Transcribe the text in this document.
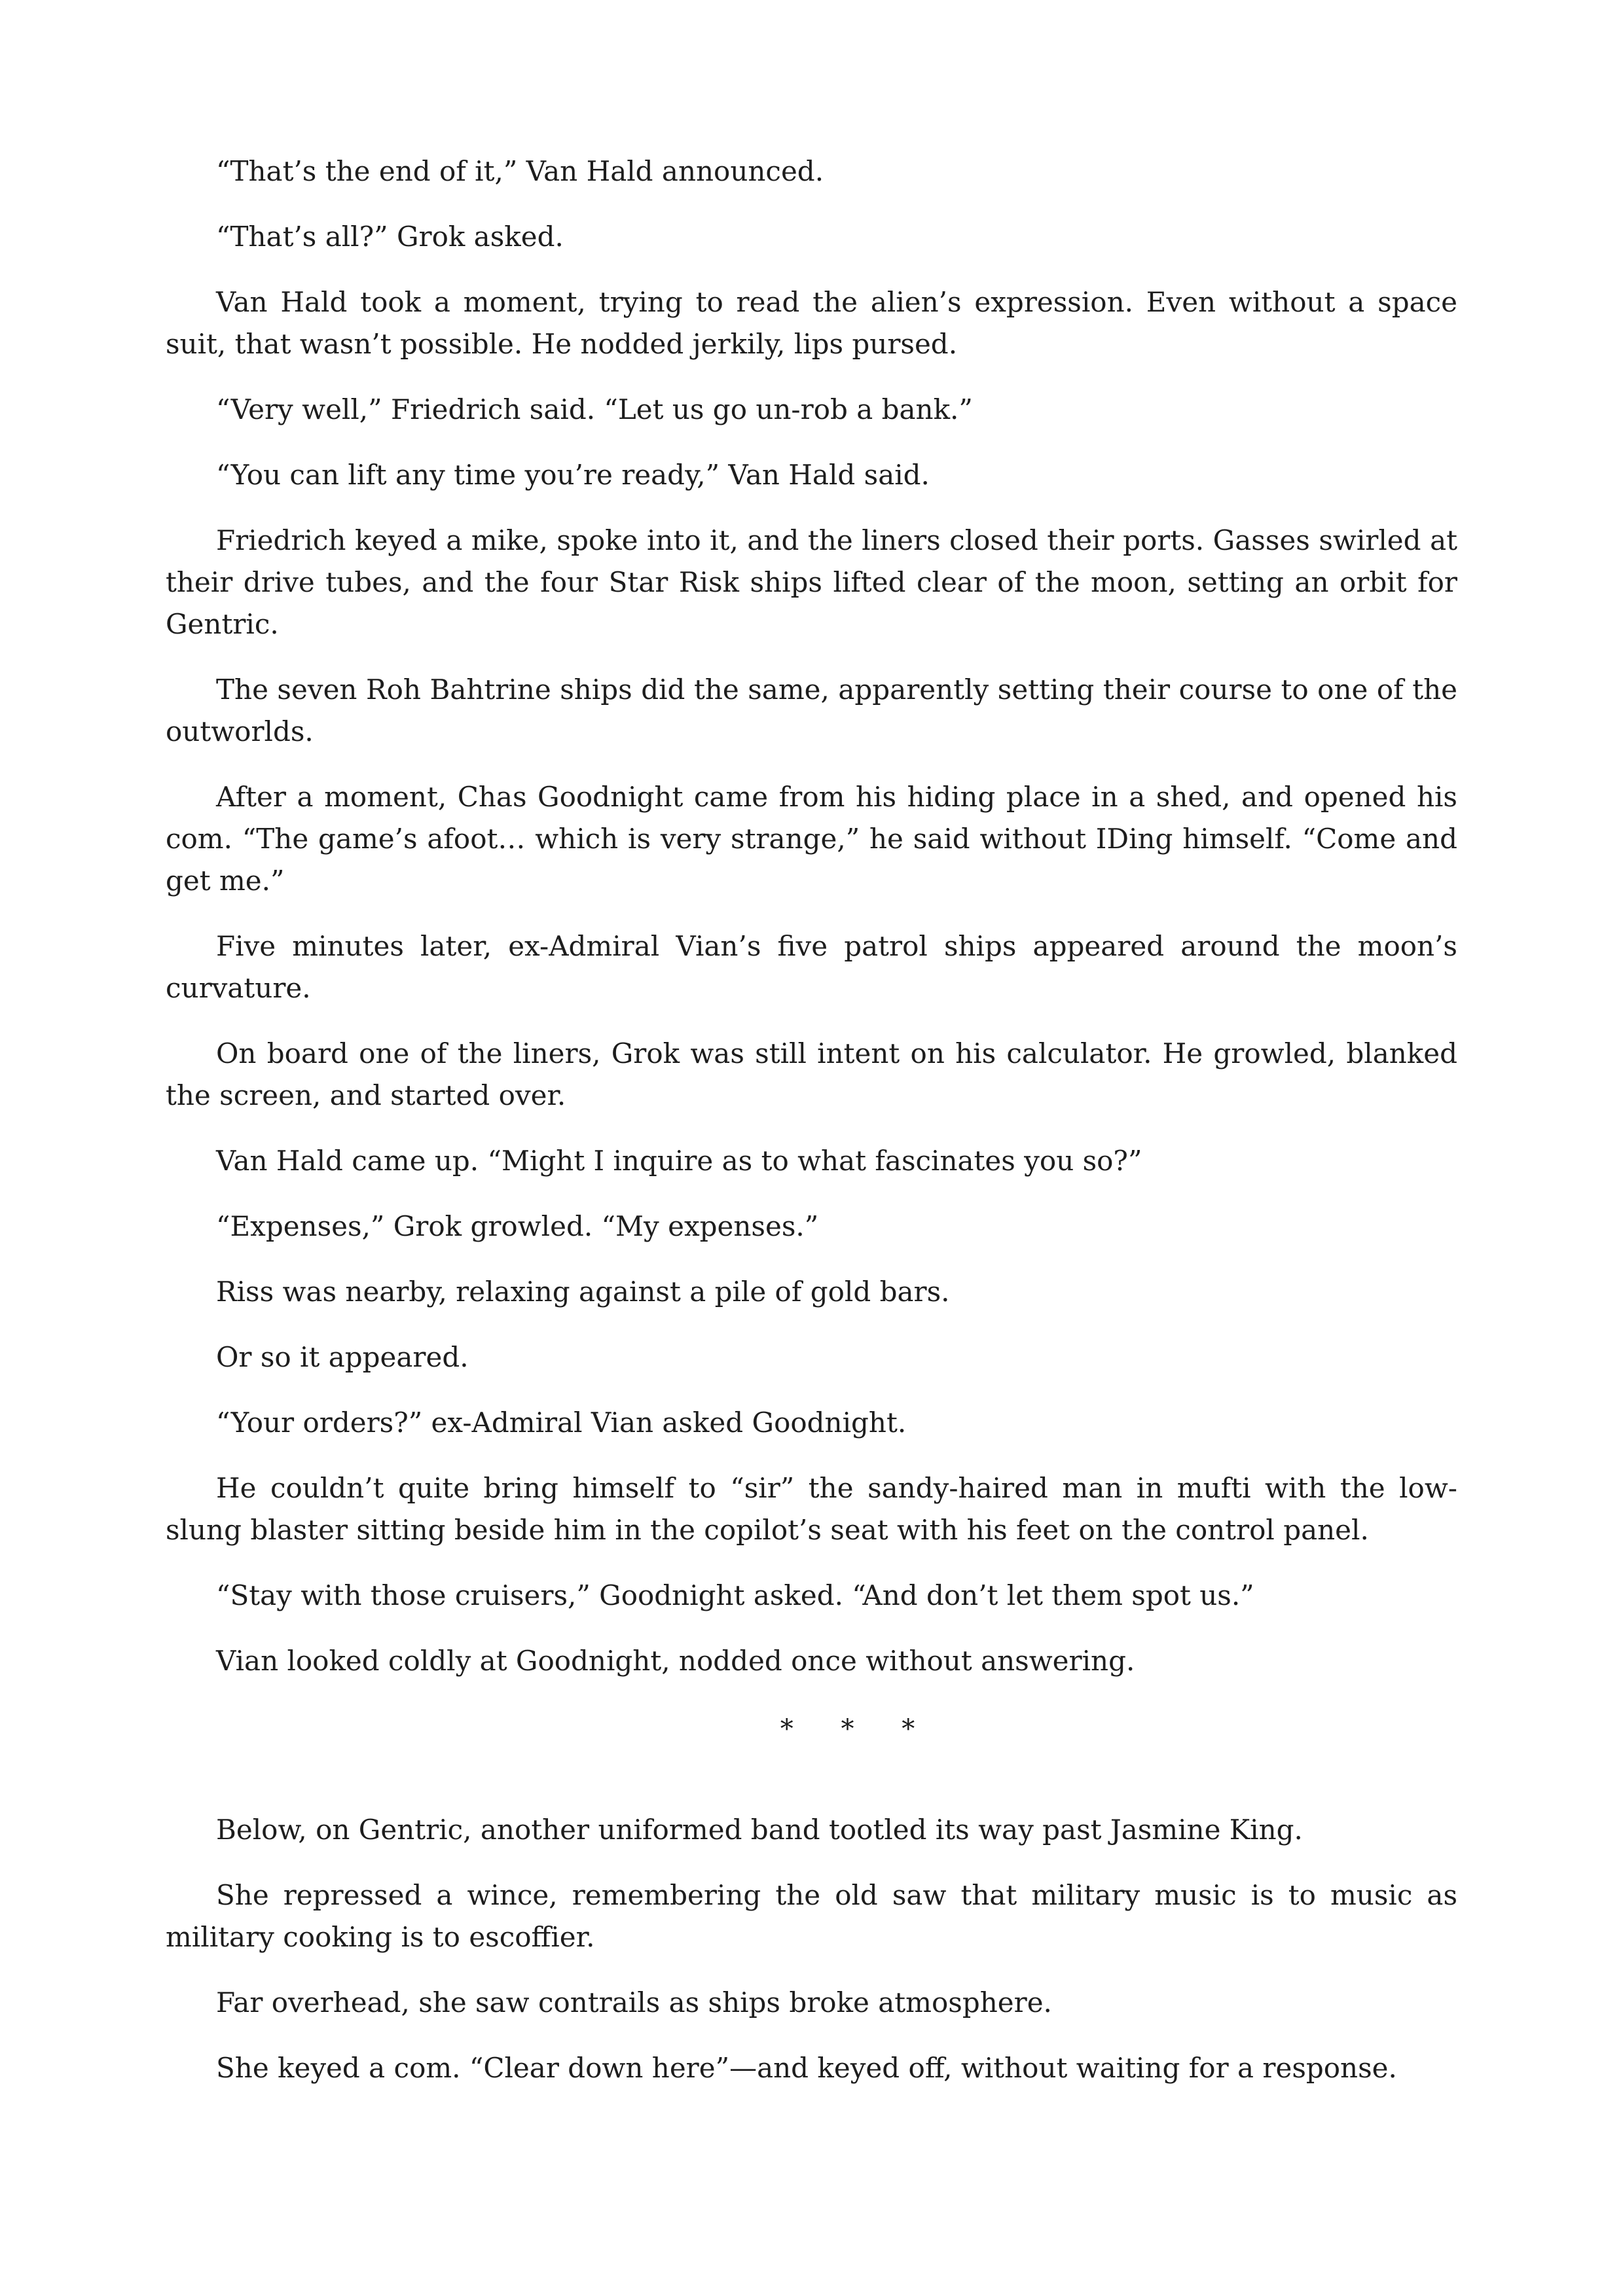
“That’s the end of it,” Van Hald announced.

“That’s all?” Grok asked.

Van Hald took a moment, trying to read the alien’s expression. Even without a space suit, that wasn’t possible. He nodded jerkily, lips pursed.

“Very well,” Friedrich said. “Let us go un-rob a bank.”

“You can lift any time you’re ready,” Van Hald said.

Friedrich keyed a mike, spoke into it, and the liners closed their ports. Gasses swirled at their drive tubes, and the four Star Risk ships lifted clear of the moon, setting an orbit for Gentric.

The seven Roh Bahtrine ships did the same, apparently setting their course to one of the outworlds.

After a moment, Chas Goodnight came from his hiding place in a shed, and opened his com. “The game’s afoot… which is very strange,” he said without IDing himself. “Come and get me.”

Five minutes later, ex-Admiral Vian’s five patrol ships appeared around the moon’s curvature.

On board one of the liners, Grok was still intent on his calculator. He growled, blanked the screen, and started over.

Van Hald came up. “Might I inquire as to what fascinates you so?”

“Expenses,” Grok growled. “My expenses.”

Riss was nearby, relaxing against a pile of gold bars.

Or so it appeared.

“Your orders?” ex-Admiral Vian asked Goodnight.

He couldn’t quite bring himself to “sir” the sandy-haired man in mufti with the low-slung blaster sitting beside him in the copilot’s seat with his feet on the control panel.

“Stay with those cruisers,” Goodnight asked. “And don’t let them spot us.”

Vian looked coldly at Goodnight, nodded once without answering.

* * *

Below, on Gentric, another uniformed band tootled its way past Jasmine King.

She repressed a wince, remembering the old saw that military music is to music as military cooking is to escoffier.

Far overhead, she saw contrails as ships broke atmosphere.

She keyed a com. “Clear down here”—and keyed off, without waiting for a response.
